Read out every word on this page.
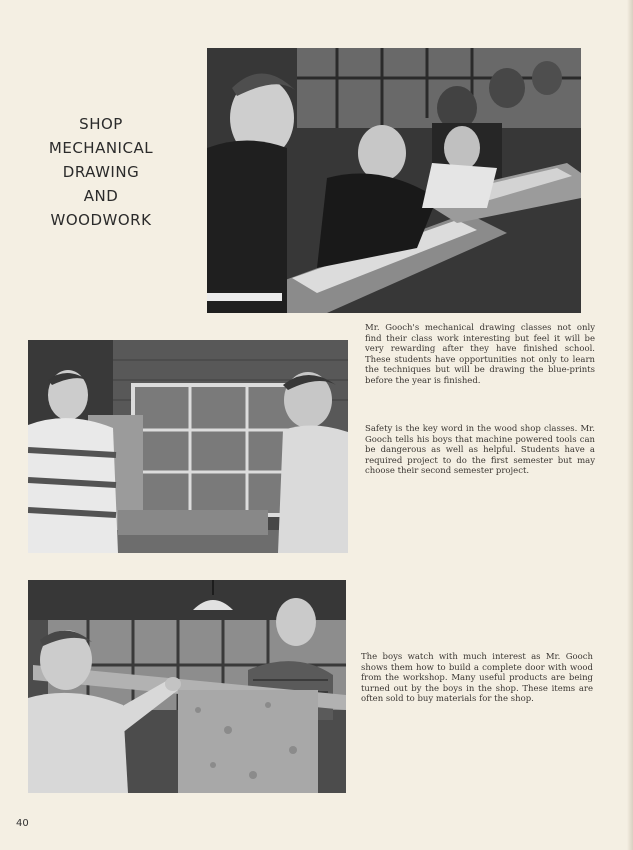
SHOP
MECHANICAL
DRAWING
AND
WOODWORK

Mr. Gooch's mechanical drawing classes not only find their class work interesting but feel it will be very rewarding after they have finished school. These students have opportunities not only to learn the techniques but will be drawing the blue-prints before the year is finished.

Safety is the key word in the wood shop classes. Mr. Gooch tells his boys that machine powered tools can be dangerous as well as helpful. Students have a required project to do the first semester but may choose their second semester project.

The boys watch with much interest as Mr. Gooch shows them how to build a complete door with wood from the workshop. Many useful products are being turned out by the boys in the shop. These items are often sold to buy materials for the shop.

40
